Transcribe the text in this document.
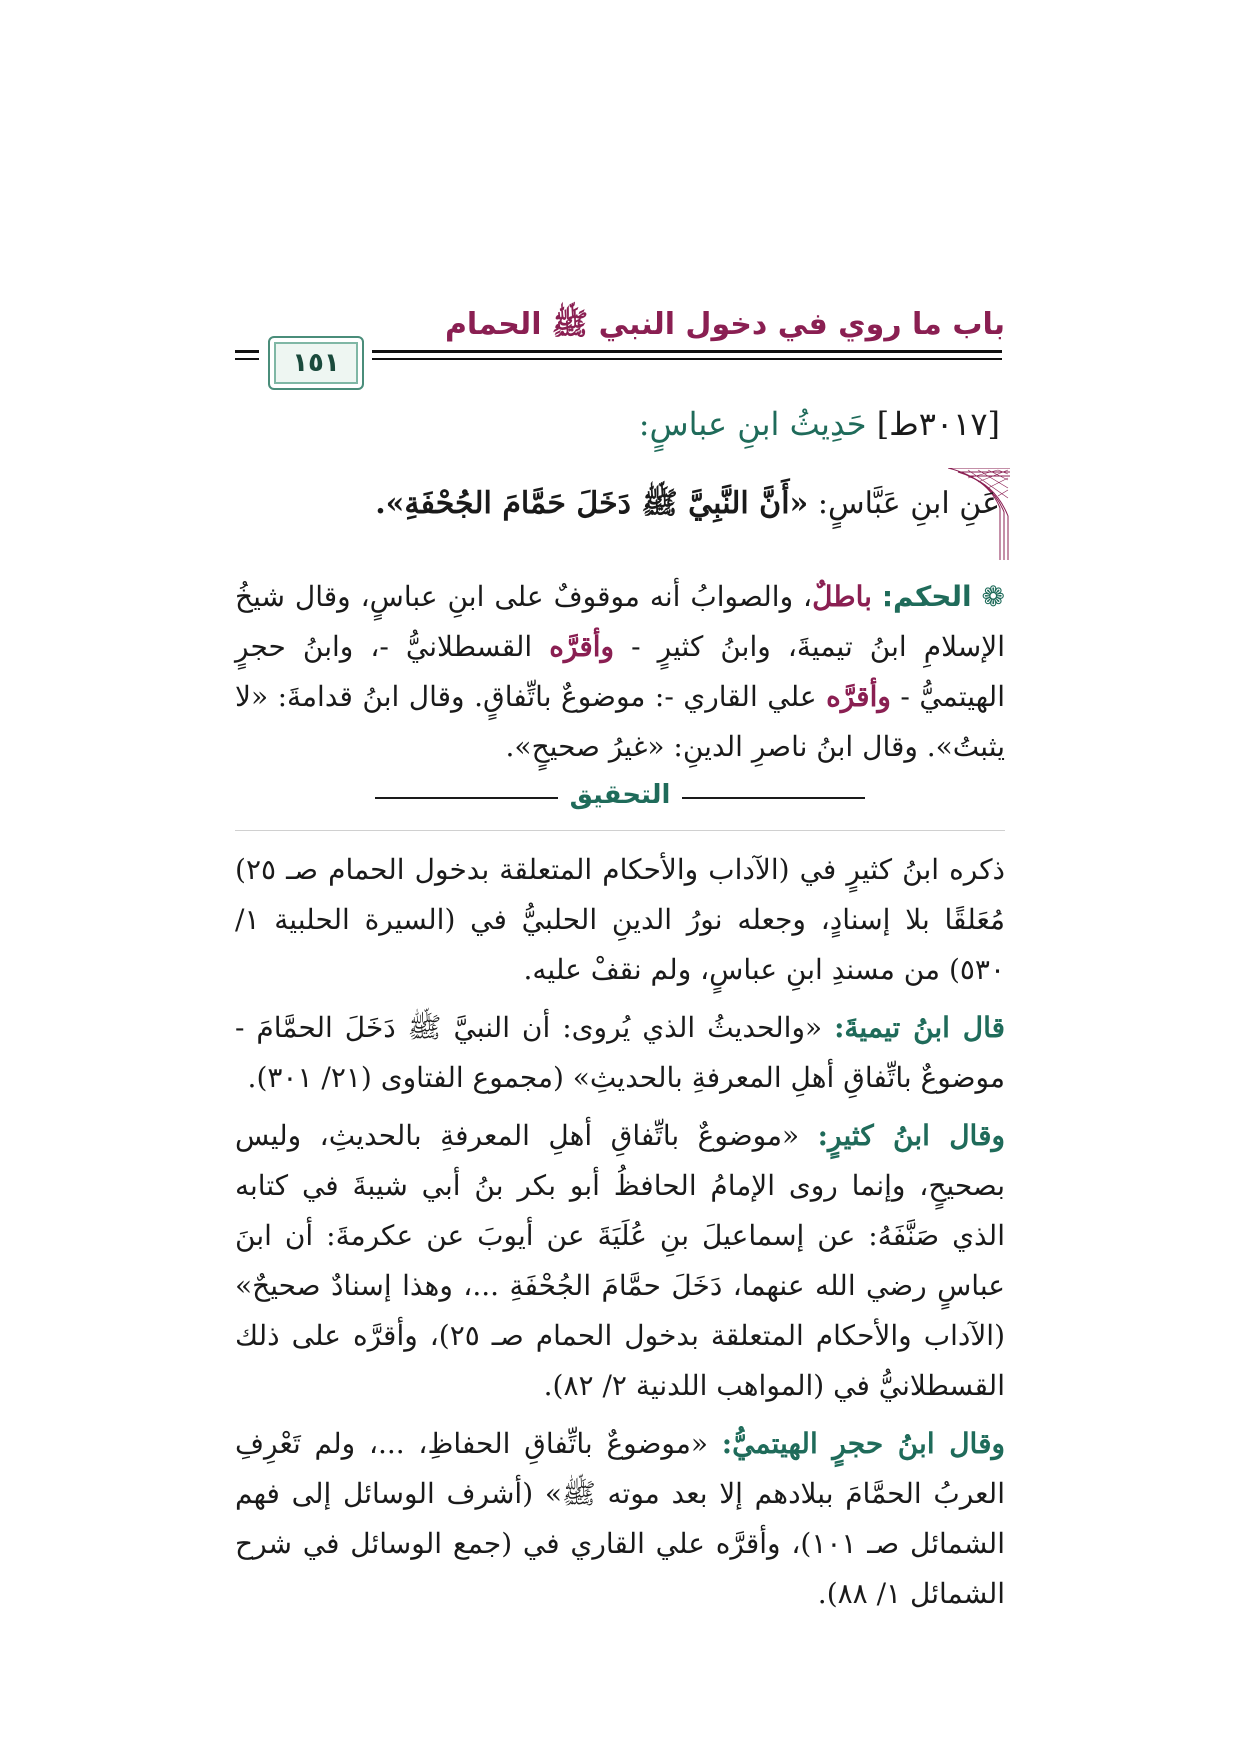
باب ما روي في دخول النبي ﷺ الحمام
١٥١
[٣٠١٧ط] حَدِيثُ ابنِ عباسٍ:
عَنِ ابنِ عَبَّاسٍ: «أَنَّ النَّبِيَّ ﷺ دَخَلَ حَمَّامَ الجُحْفَةِ».
❁ الحكم: باطلٌ، والصوابُ أنه موقوفٌ على ابنِ عباسٍ، وقال شيخُ الإسلامِ ابنُ تيميةَ، وابنُ كثيرٍ - وأقرَّه القسطلانيُّ -، وابنُ حجرٍ الهيتميُّ - وأقرَّه علي القاري -: موضوعٌ باتِّفاقٍ. وقال ابنُ قدامةَ: «لا يثبتُ». وقال ابنُ ناصرِ الدينِ: «غيرُ صحيحٍ».
التحقيق

ذكره ابنُ كثيرٍ في (الآداب والأحكام المتعلقة بدخول الحمام صـ ٢٥) مُعَلقًا بلا إسنادٍ، وجعله نورُ الدينِ الحلبيُّ في (السيرة الحلبية ١/ ٥٣٠) من مسندِ ابنِ عباسٍ، ولم نقفْ عليه.

قال ابنُ تيميةَ: «والحديثُ الذي يُروى: أن النبيَّ ﷺ دَخَلَ الحمَّامَ - موضوعٌ باتِّفاقِ أهلِ المعرفةِ بالحديثِ» (مجموع الفتاوى (٢١/ ٣٠١).

وقال ابنُ كثيرٍ: «موضوعٌ باتِّفاقِ أهلِ المعرفةِ بالحديثِ، وليس بصحيحٍ، وإنما روى الإمامُ الحافظُ أبو بكر بنُ أبي شيبةَ في كتابه الذي صَنَّفَهُ: عن إسماعيلَ بنِ عُلَيَةَ عن أيوبَ عن عكرمةَ: أن ابنَ عباسٍ رضي الله عنهما، دَخَلَ حمَّامَ الجُحْفَةِ ...، وهذا إسنادٌ صحيحٌ» (الآداب والأحكام المتعلقة بدخول الحمام صـ ٢٥)، وأقرَّه على ذلك القسطلانيُّ في (المواهب اللدنية ٢/ ٨٢).

وقال ابنُ حجرٍ الهيتميُّ: «موضوعٌ باتِّفاقِ الحفاظِ، ...، ولم تَعْرِفِ العربُ الحمَّامَ ببلادهم إلا بعد موته ﷺ» (أشرف الوسائل إلى فهم الشمائل صـ ١٠١)، وأقرَّه علي القاري في (جمع الوسائل في شرح الشمائل ١/ ٨٨).
